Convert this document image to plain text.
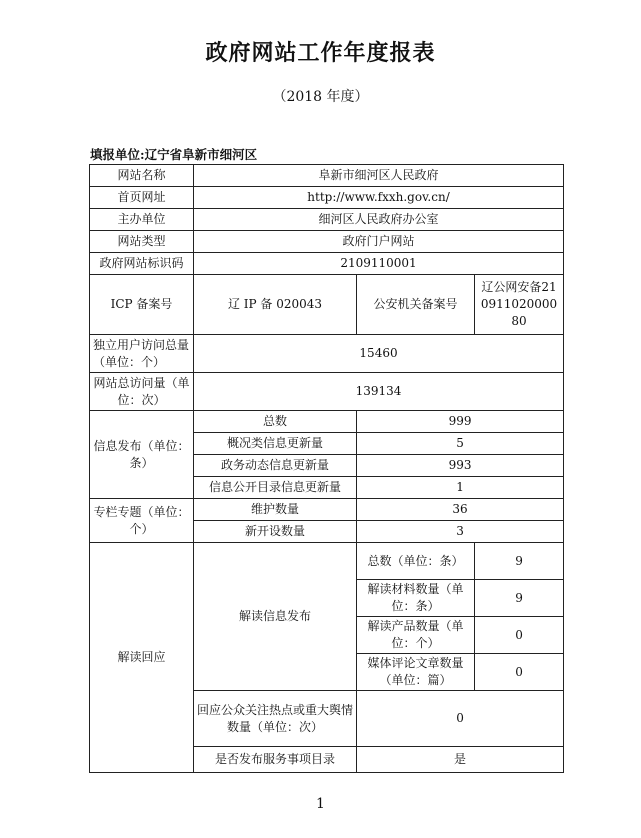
政府网站工作年度报表
（2018 年度）
填报单位:辽宁省阜新市细河区
网站名称	阜新市细河区人民政府		
首页网址	http://www.fxxh.gov.cn/		
主办单位	细河区人民政府办公室		
网站类型	政府门户网站		
政府网站标识码	2109110001		
ICP 备案号	辽 IP 备 020043	公安机关备案号	辽公网安备21091102000080
独立用户访问总量（单位：个）	15460		
网站总访问量（单位：次）	139134		
信息发布（单位：条）	总数	999	
	概况类信息更新量	5	
	政务动态信息更新量	993	
	信息公开目录信息更新量	1	
专栏专题（单位：个）	维护数量	36	
	新开设数量	3	
解读回应	解读信息发布	总数（单位：条）	9
		解读材料数量（单位：条）	9
		解读产品数量（单位：个）	0
		媒体评论文章数量（单位：篇）	0
	回应公众关注热点或重大舆情数量（单位：次）	0	
	是否发布服务事项目录	是	
1
